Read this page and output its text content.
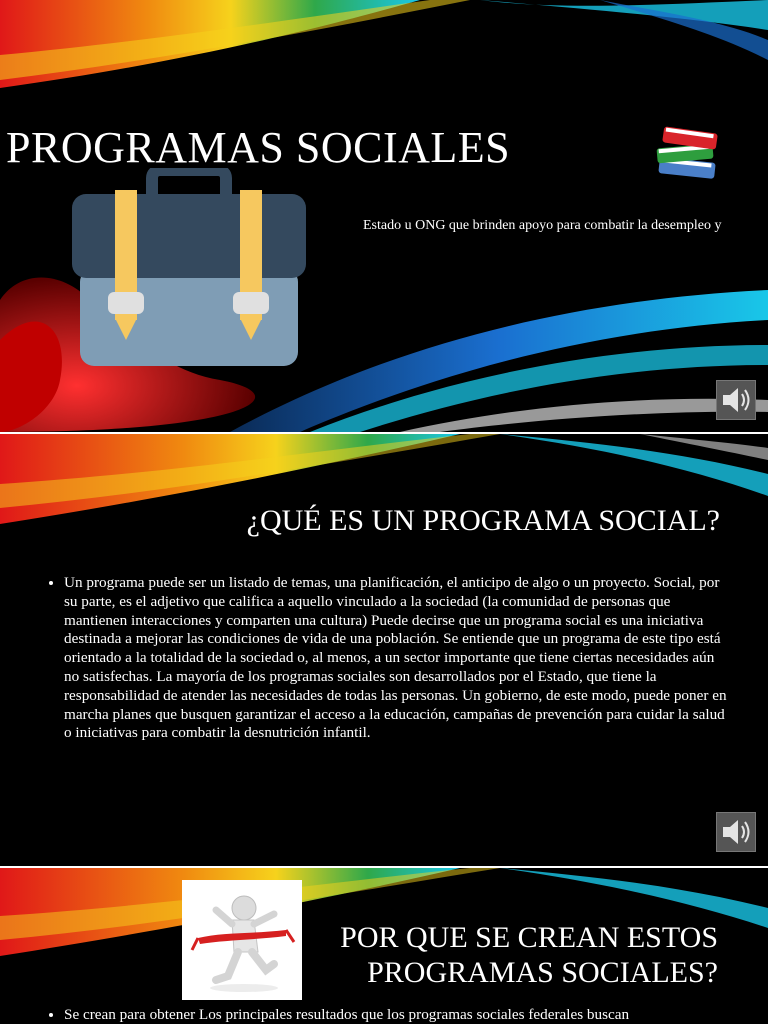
PROGRAMAS SOCIALES
Estado u ONG que brinden apoyo para combatir la desempleo y
¿QUÉ ES UN PROGRAMA SOCIAL?
• Un programa puede ser un listado de temas, una planificación, el anticipo de algo o un proyecto. Social, por su parte, es el adjetivo que califica a aquello vinculado a la sociedad (la comunidad de personas que mantienen interacciones y comparten una cultura) Puede decirse que un programa social es una iniciativa destinada a mejorar las condiciones de vida de una población. Se entiende que un programa de este tipo está orientado a la totalidad de la sociedad o, al menos, a un sector importante que tiene ciertas necesidades aún no satisfechas. La mayoría de los programas sociales son desarrollados por el Estado, que tiene la responsabilidad de atender las necesidades de todas las personas. Un gobierno, de este modo, puede poner en marcha planes que busquen garantizar el acceso a la educación, campañas de prevención para cuidar la salud o iniciativas para combatir la desnutrición infantil.
POR QUE SE CREAN ESTOS
PROGRAMAS SOCIALES?
• Se crean para obtener Los principales resultados que los programas sociales federales buscan
